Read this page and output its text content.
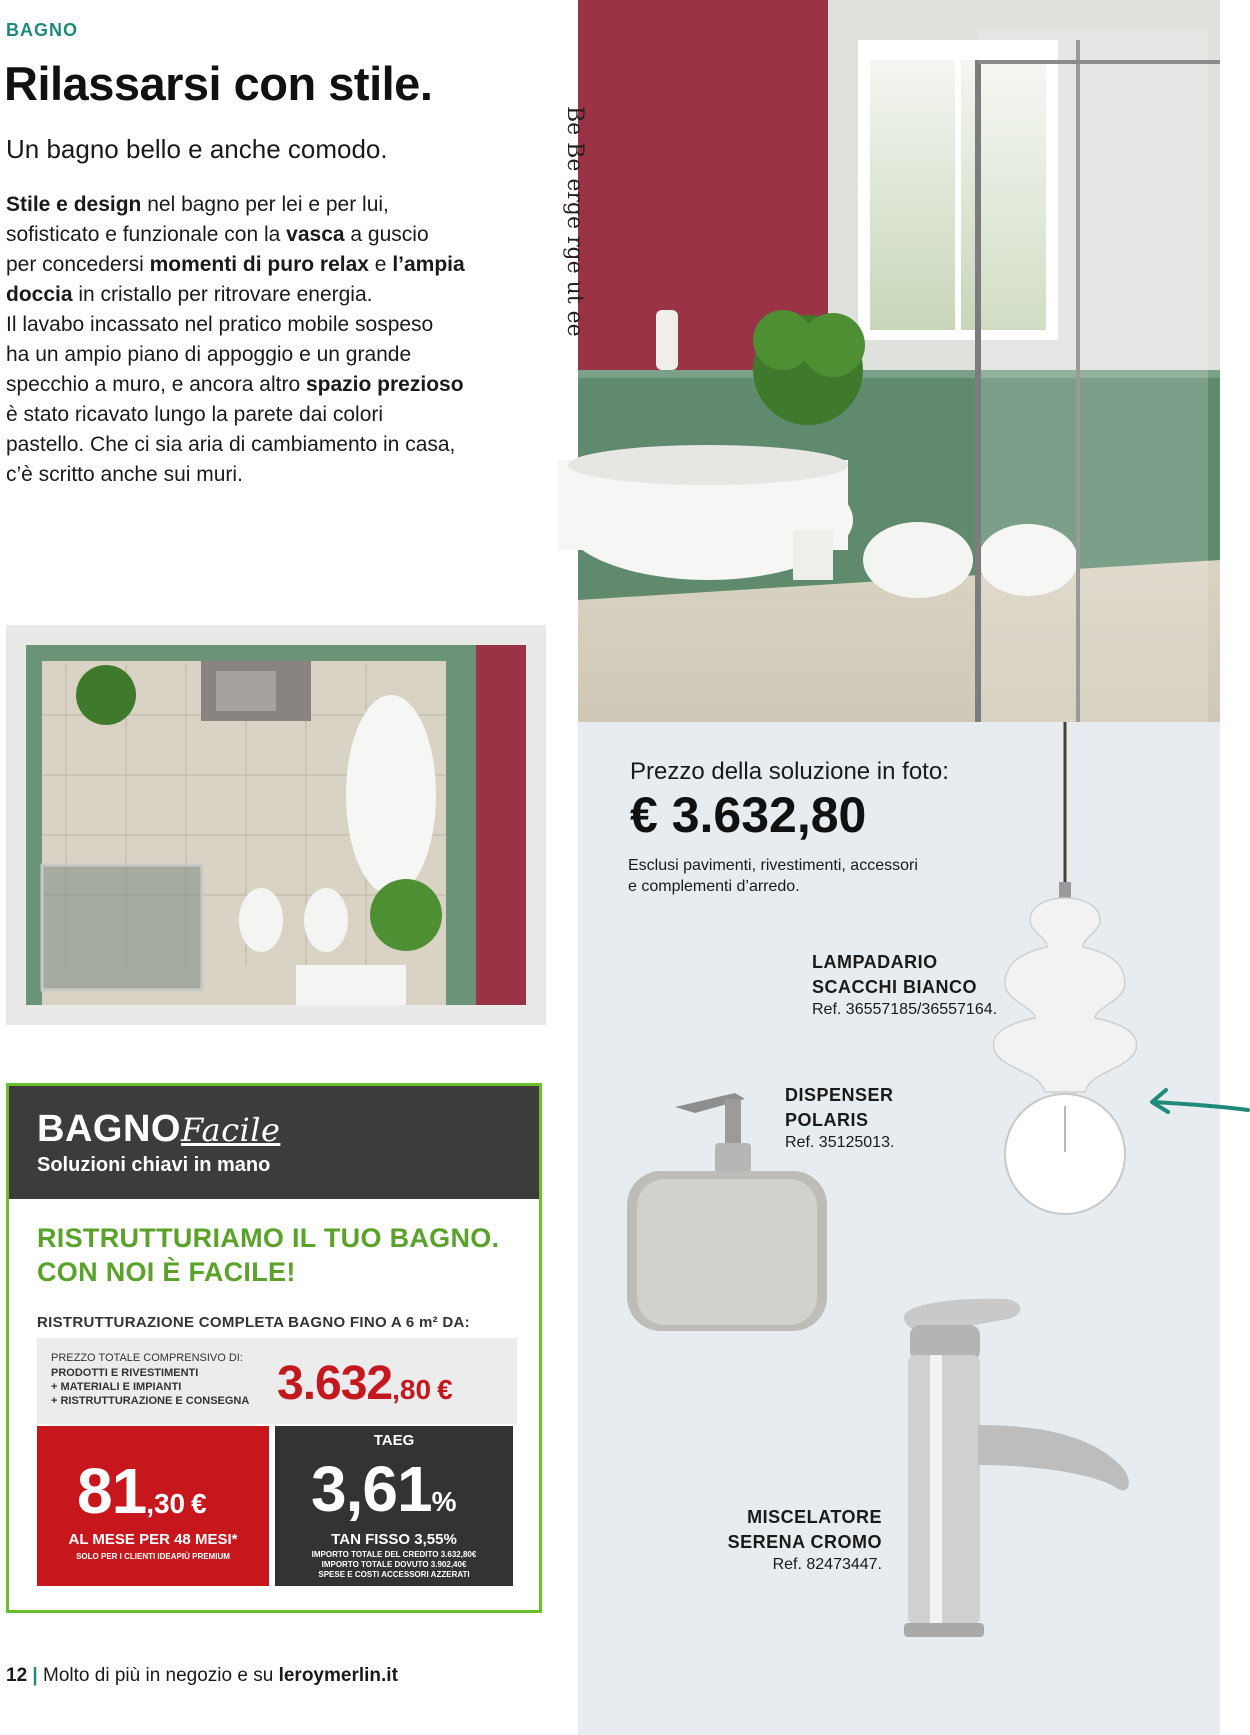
BAGNO
Rilassarsi con stile.
Un bagno bello e anche comodo.
Stile e design nel bagno per lei e per lui,
sofisticato e funzionale con la vasca a guscio
per concedersi momenti di puro relax e l’ampia
doccia in cristallo per ritrovare energia.
Il lavabo incassato nel pratico mobile sospeso
ha un ampio piano di appoggio e un grande
specchio a muro, e ancora altro spazio prezioso
è stato ricavato lungo la parete dai colori
pastello. Che ci sia aria di cambiamento in casa,
c’è scritto anche sui muri.
Be Be erge rge ut ee
Prezzo della soluzione in foto:
€ 3.632,80
Esclusi pavimenti, rivestimenti, accessori
e complementi d’arredo.
LAMPADARIO
SCACCHI BIANCO
Ref. 36557185/36557164.
DISPENSER
POLARIS
Ref. 35125013.
MISCELATORE
SERENA CROMO
Ref. 82473447.
BAGNOFacile
Soluzioni chiavi in mano
RISTRUTTURIAMO IL TUO BAGNO.
CON NOI È FACILE!
RISTRUTTURAZIONE COMPLETA BAGNO FINO A 6 m² DA:
PREZZO TOTALE COMPRENSIVO DI:
PRODOTTI E RIVESTIMENTI
+ MATERIALI E IMPIANTI
+ RISTRUTTURAZIONE E CONSEGNA 3.632,80 €
81,30 €
AL MESE PER 48 MESI*
SOLO PER I CLIENTI IDEAPIÙ PREMIUM
TAEG
3,61%
TAN FISSO 3,55%
IMPORTO TOTALE DEL CREDITO 3.632,80€
IMPORTO TOTALE DOVUTO 3.902,40€
SPESE E COSTI ACCESSORI AZZERATI
12 | Molto di più in negozio e su leroymerlin.it
